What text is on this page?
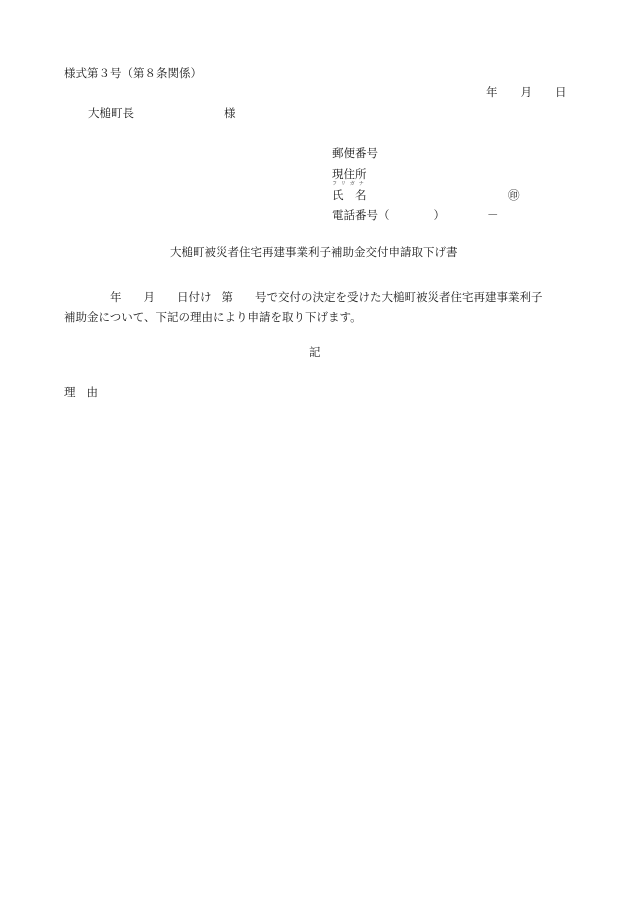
様式第３号（第８条関係）
年 月 日
大槌町長	様
郵便番号
現住所
フリガナ
氏　 名	㊞
電話番号（	）	－
大槌町被災者住宅再建事業利子補助金交付申請取下げ書
年 月 日付け 第 号で交付の決定を受けた大槌町被災者住宅再建事業利子
補助金について、下記の理由により申請を取り下げます。
記
理 由
